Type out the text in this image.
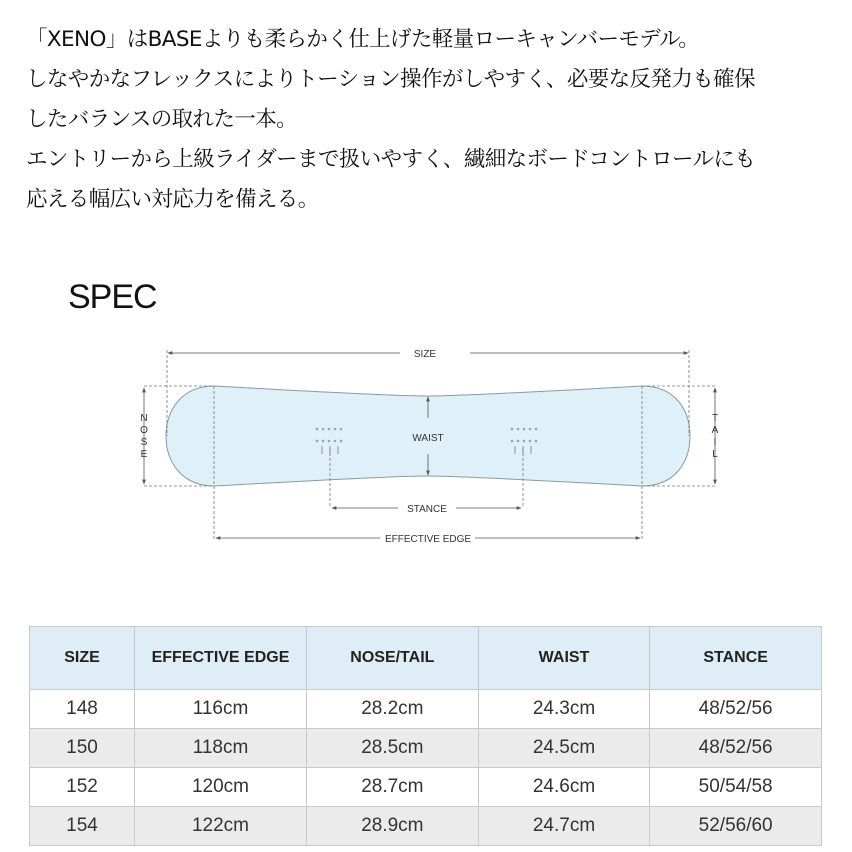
「XENO」はBASEよりも柔らかく仕上げた軽量ローキャンバーモデル。

しなやかなフレックスによりトーション操作がしやすく、必要な反発力も確保

したバランスの取れた一本。

エントリーから上級ライダーまで扱いやすく、繊細なボードコントロールにも

応える幅広い対応力を備える。

SPEC
SIZE
N O S E
T A I L
WAIST
STANCE
EFFECTIVE EDGE
SIZE	EFFECTIVE EDGE	NOSE/TAIL	WAIST	STANCE
148	116cm	28.2cm	24.3cm	48/52/56
150	118cm	28.5cm	24.5cm	48/52/56
152	120cm	28.7cm	24.6cm	50/54/58
154	122cm	28.9cm	24.7cm	52/56/60
